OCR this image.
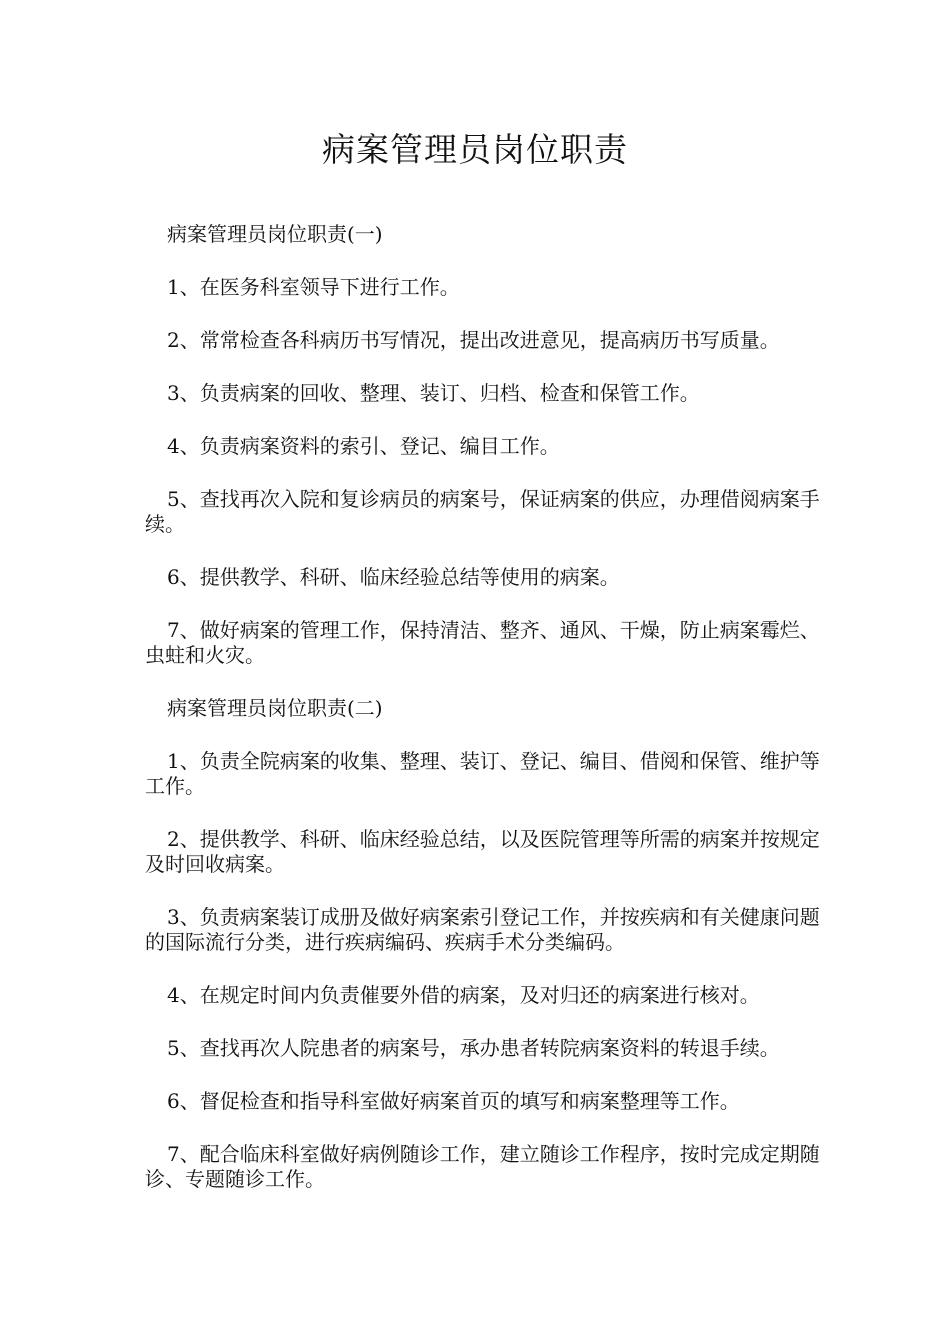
病案管理员岗位职责

病案管理员岗位职责(一)

1、在医务科室领导下进行工作。

2、常常检查各科病历书写情况，提出改进意见，提高病历书写质量。

3、负责病案的回收、整理、装订、归档、检查和保管工作。

4、负责病案资料的索引、登记、编目工作。

5、查找再次入院和复诊病员的病案号，保证病案的供应，办理借阅病案手续。

6、提供教学、科研、临床经验总结等使用的病案。

7、做好病案的管理工作，保持清洁、整齐、通风、干燥，防止病案霉烂、虫蛀和火灾。

病案管理员岗位职责(二)

1、负责全院病案的收集、整理、装订、登记、编目、借阅和保管、维护等工作。

2、提供教学、科研、临床经验总结，以及医院管理等所需的病案并按规定及时回收病案。

3、负责病案装订成册及做好病案索引登记工作，并按疾病和有关健康问题的国际流行分类，进行疾病编码、疾病手术分类编码。

4、在规定时间内负责催要外借的病案，及对归还的病案进行核对。

5、查找再次人院患者的病案号，承办患者转院病案资料的转退手续。

6、督促检查和指导科室做好病案首页的填写和病案整理等工作。

7、配合临床科室做好病例随诊工作，建立随诊工作程序，按时完成定期随诊、专题随诊工作。
